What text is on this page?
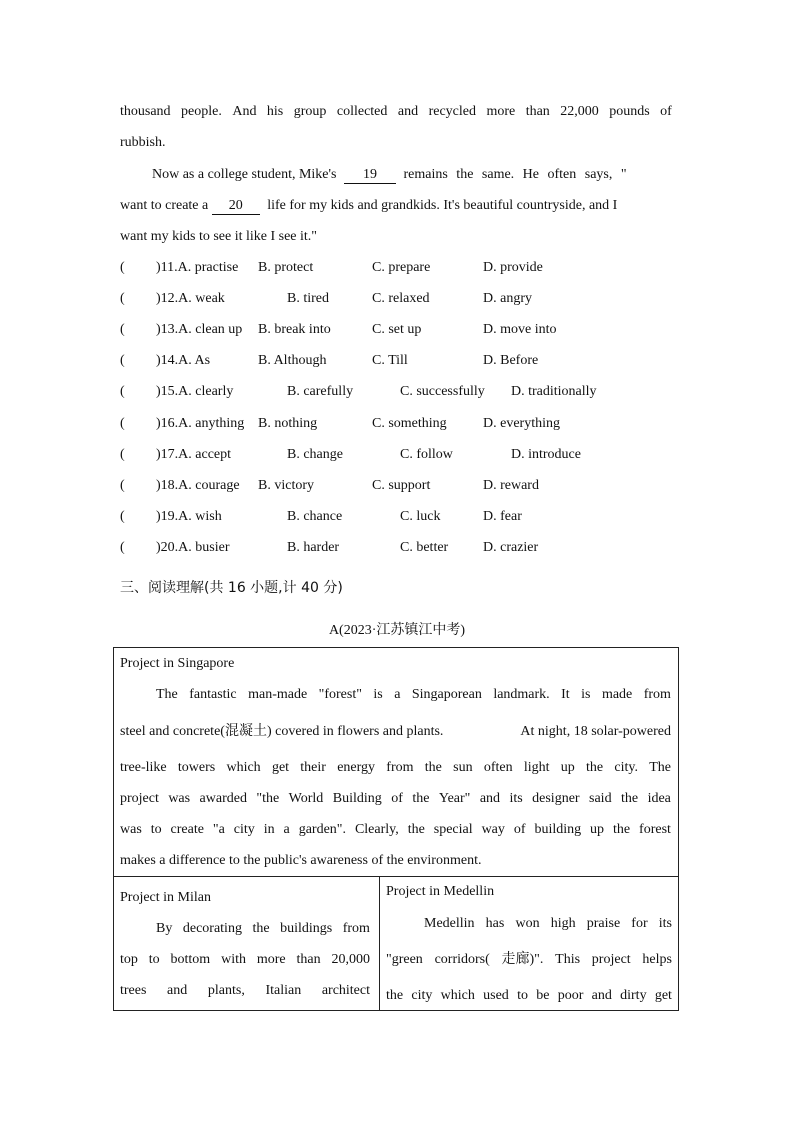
thousand people. And his group collected and recycled more than 22,000 pounds of
rubbish.
Now as a college student, Mike's 19 remains the same. He often says, "
want to create a 20 life for my kids and grandkids. It's beautiful countryside, and I
want my kids to see it like I see it."
( )11.A. practise B. protect	C. prepare	D. provide
( )12.A. weak	B. tired	C. relaxed	D. angry
( )13.A. clean up B. break into	C. set up	D. move into
( )14.A. As	B. Although	C. Till	D. Before
( )15.A. clearly	B. carefully	C. successfully D. traditionally
( )16.A. anything B. nothing	C. something	D. everything
( )17.A. accept	B. change	C. follow	D. introduce
( )18.A. courage B. victory	C. support	D. reward
( )19.A. wish	B. chance	C. luck	D. fear
( )20.A. busier	B. harder	C. better D. crazier
三、阅读理解(共 16 小题,计 40 分)
A(2023·江苏镇江中考)
Project in Singapore
The fantastic man-made "forest" is a Singaporean landmark. It is made from
steel and concrete(混凝土) covered in flowers and plants.	At night, 18 solar-powered
tree-like towers which get their energy from the sun often light up the city. The
project was awarded "the World Building of the Year" and its designer said the idea
was to create "a city in a garden". Clearly, the special way of building up the forest
makes a difference to the public's awareness of the environment.
Project in Milan
By decorating the buildings from
top to bottom with more than 20,000
trees and plants, Italian architect
Project in Medellin
Medellin has won high praise for its
"green corridors( 走廊)". This project helps
the city which used to be poor and dirty get
